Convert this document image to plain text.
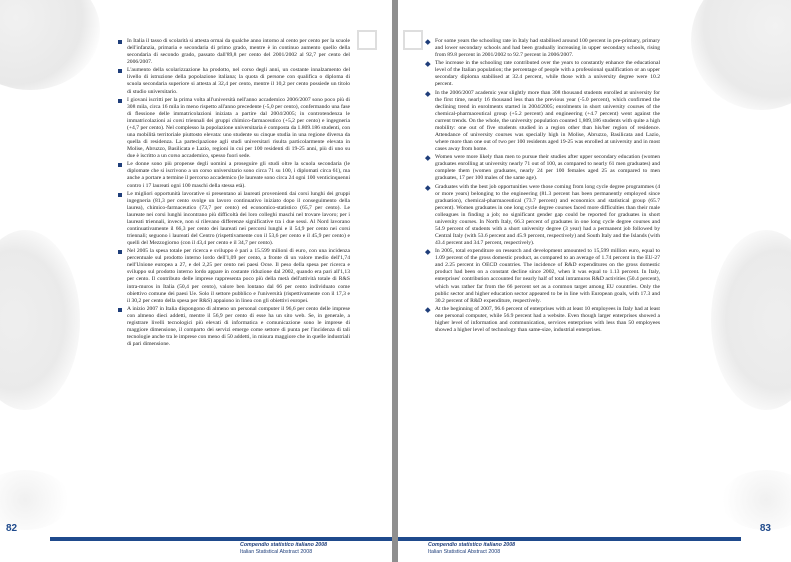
In Italia il tasso di scolarità si attesta ormai da qualche anno intorno al cento per cento per la scuole dell'infanzia, primaria e secondaria di primo grado, mentre è in continuo aumento quello della secondaria di secondo grado, passato dall'89,8 per cento del 2001/2002 al 92,7 per cento del 2006/2007.
L'aumento della scolarizzazione ha prodotto, nel corso degli anni, un costante innalzamento del livello di istruzione della popolazione italiana; la quota di persone con qualifica o diploma di scuola secondaria superiore si attesta al 32,4 per cento, mentre il 10,2 per cento possiede un titolo di studio universitario.
I giovani iscritti per la prima volta all'università nell'anno accademico 2006/2007 sono poco più di 308 mila, circa 16 mila in meno rispetto all'anno precedente (-5,0 per cento), confermando una fase di flessione delle immatricolazioni iniziata a partire dal 2004/2005; in controtendenza le immatricolazioni ai corsi triennali dei gruppi chimico-farmaceutico (+5,2 per cento) e ingegneria (+4,7 per cento). Nel complesso la popolazione universitaria è composta da 1.809.186 studenti, con una mobilità territoriale piuttosto elevata: uno studente su cinque studia in una regione diversa da quella di residenza. La partecipazione agli studi universitari risulta particolarmente elevata in Molise, Abruzzo, Basilicata e Lazio, regioni in cui per 100 residenti di 19-25 anni, più di uno su due è iscritto a un corso accademico, spesso fuori sede.
Le donne sono più propense degli uomini a proseguire gli studi oltre la scuola secondaria (le diplomate che si iscrivono a un corso universitario sono circa 71 su 100, i diplomati circa 61), ma anche a portare a termine il percorso accademico (le laureate sono circa 24 ogni 100 venticinquenni contro i 17 laureati ogni 100 maschi della stessa età).
Le migliori opportunità lavorative si presentano ai laureati provenienti dai corsi lunghi dei gruppi ingegneria (81,3 per cento svolge un lavoro continuativo iniziato dopo il conseguimento della laurea), chimico-farmaceutico (73,7 per cento) ed economico-statistico (65,7 per cento). Le laureate nei corsi lunghi incontrano più difficoltà dei loro colleghi maschi nel trovare lavoro; per i laureati triennali, invece, non si rilevano differenze significative tra i due sessi. Al Nord lavorano continuativamente il 66,3 per cento dei laureati nei percorsi lunghi e il 54,9 per cento nei corsi triennali; seguono i laureati del Centro (rispettivamente con il 53,6 per cento e il 45,9 per cento) e quelli del Mezzogiorno (con il 43,4 per cento e il 34,7 per cento).
Nel 2005 la spesa totale per ricerca e sviluppo è pari a 15.599 milioni di euro, con una incidenza percentuale sul prodotto interno lordo dell'1,09 per cento, a fronte di un valore medio dell'1,74 nell'Unione europea a 27, e del 2,25 per cento nei paesi Ocse. Il peso della spesa per ricerca e sviluppo sul prodotto interno lordo appare in costante riduzione dal 2002, quando era pari all'1,13 per cento. Il contributo delle imprese rappresenta poco più della metà dell'attività totale di R&S intra-muros in Italia (50,4 per cento), valore ben lontano dal 66 per cento individuato come obiettivo comune dei paesi Ue. Solo il settore pubblico e l'università (rispettivamente con il 17,3 e il 30,2 per cento della spesa per R&S) appaiono in linea con gli obiettivi europei.
A inizio 2007 in Italia dispongono di almeno un personal computer il 96,6 per cento delle imprese con almeno dieci addetti, mentre il 56,9 per cento di esse ha un sito web. Se, in generale, a registrare livelli tecnologici più elevati di informatica e comunicazione sono le imprese di maggiore dimensione, il comparto dei servizi emerge come settore di punta per l'incidenza di tali tecnologie anche tra le imprese con meno di 50 addetti, in misura maggiore che in quelle industriali di pari dimensione.
82
Compendio statistico italiano 2008
Italian Statistical Abstract 2008
For some years the schooling rate in Italy had stabilised around 100 percent in pre-primary, primary and lower secondary schools and had been gradually increasing in upper secondary schools, rising from 89.8 percent in 2001/2002 to 92.7 percent in 2006/2007.
The increase in the schooling rate contributed over the years to constantly enhance the educational level of the Italian population; the percentage of people with a professional qualification or an upper secondary diploma stabilised at 32.4 percent, while those with a university degree were 10.2 percent.
In the 2006/2007 academic year slightly more than 308 thousand students enrolled at university for the first time, nearly 16 thousand less than the previous year (-5.0 percent), which confirmed the declining trend in enrolments started in 2004/2005; enrolments in short university courses of the chemical-pharmaceutical group (+5.2 percent) and engineering (+4.7 percent) went against the current trends. On the whole, the university population counted 1,809,186 students with quite a high mobility: one out of five students studied in a region other than his/her region of residence. Attendance of university courses was specially high in Molise, Abruzzo, Basilicata and Lazio, where more than one out of two per 100 residents aged 19-25 was enrolled at university and in most cases away from home.
Women were more likely than men to pursue their studies after upper secondary education (women graduates enrolling at university nearly 71 out of 100, as compared to nearly 61 men graduates) and complete them (women graduates, nearly 24 per 100 females aged 25 as compared to men graduates, 17 per 100 males of the same age).
Graduates with the best job opportunities were those coming from long cycle degree programmes (4 or more years) belonging to the engineering (81.3 percent has been permanently employed since graduation), chemical-pharmaceutical (73.7 percent) and economics and statistical group (65.7 percent). Women graduates in one long cycle degree courses faced more difficulties than their male colleagues in finding a job; no significant gender gap could be reported for graduates in short university courses. In North Italy, 66.3 percent of graduates in one long cycle degree courses and 54.9 percent of students with a short university degree (3 year) had a permanent job followed by Central Italy (with 53.6 percent and 45.9 percent, respectively) and South Italy and the Islands (with 43.4 percent and 34.7 percent, respectively).
In 2005, total expenditure on research and development amounted to 15,599 million euro, equal to 1.09 percent of the gross domestic product, as compared to an average of 1.74 percent in the EU-27 and 2.25 percent in OECD countries. The incidence of R&D expenditures on the gross domestic product had been on a constant decline since 2002, when it was equal to 1.13 percent. In Italy, enterprises' contribution accounted for nearly half of total intramuros R&D activities (50.4 percent), which was rather far from the 66 percent set as a common target among EU countries. Only the public sector and higher education sector appeared to be in line with European goals, with 17.3 and 30.2 percent of R&D expenditure, respectively.
At the beginning of 2007, 96.6 percent of enterprises with at least 10 employees in Italy had at least one personal computer, while 56.9 percent had a website. Even though larger enterprises showed a higher level of information and communication, services enterprises with less than 50 employees showed a higher level of technology than same-size, industrial enterprises.
83
Compendio statistico italiano 2008
Italian Statistical Abstract 2008
